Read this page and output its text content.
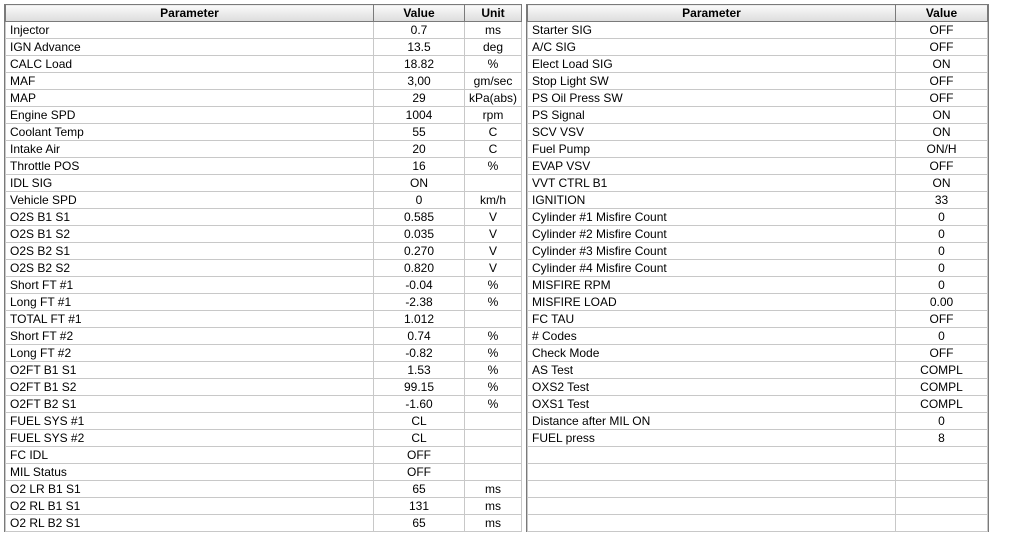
Parameter	Value	Unit
Injector	0.7	ms
IGN Advance	13.5	deg
CALC Load	18.82	%
MAF	3,00	gm/sec
MAP	29	kPa(abs)
Engine SPD	1004	rpm
Coolant Temp	55	C
Intake Air	20	C
Throttle POS	16	%
IDL SIG	ON	
Vehicle SPD	0	km/h
O2S B1 S1	0.585	V
O2S B1 S2	0.035	V
O2S B2 S1	0.270	V
O2S B2 S2	0.820	V
Short FT #1	-0.04	%
Long FT #1	-2.38	%
TOTAL FT #1	1.012	
Short FT #2	0.74	%
Long FT #2	-0.82	%
O2FT B1 S1	1.53	%
O2FT B1 S2	99.15	%
O2FT B2 S1	-1.60	%
FUEL SYS #1	CL	
FUEL SYS #2	CL	
FC IDL	OFF	
MIL Status	OFF	
O2 LR B1 S1	65	ms
O2 RL B1 S1	131	ms
O2 RL B2 S1	65	ms
Parameter	Value
Starter SIG	OFF
A/C SIG	OFF
Elect Load SIG	ON
Stop Light SW	OFF
PS Oil Press SW	OFF
PS Signal	ON
SCV VSV	ON
Fuel Pump	ON/H
EVAP VSV	OFF
VVT CTRL B1	ON
IGNITION	33
Cylinder #1 Misfire Count	0
Cylinder #2 Misfire Count	0
Cylinder #3 Misfire Count	0
Cylinder #4 Misfire Count	0
MISFIRE RPM	0
MISFIRE LOAD	0.00
FC TAU	OFF
# Codes	0
Check Mode	OFF
AS Test	COMPL
OXS2 Test	COMPL
OXS1 Test	COMPL
Distance after MIL ON	0
FUEL press	8
